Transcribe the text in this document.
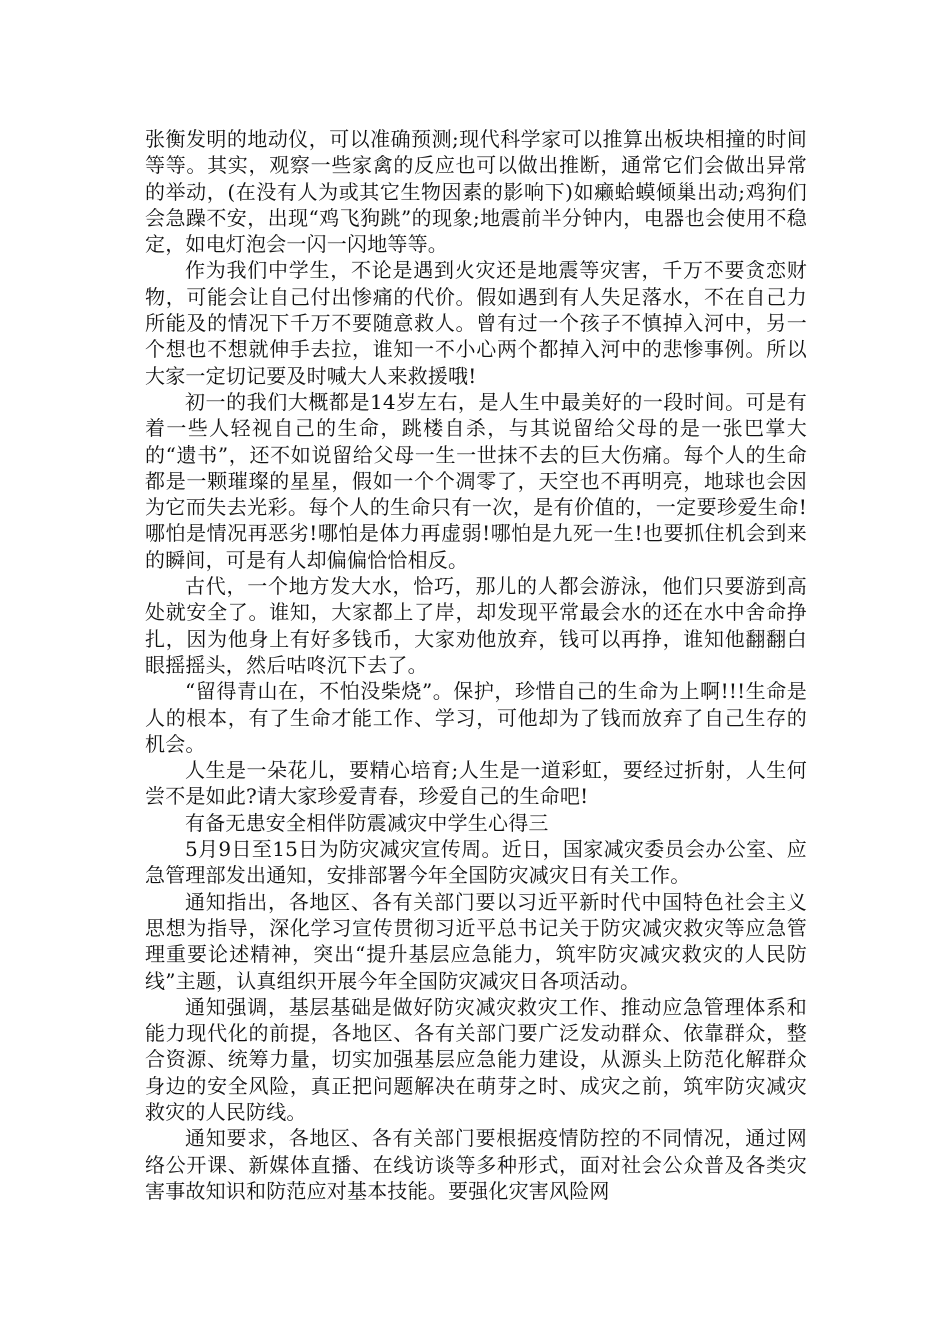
张衡发明的地动仪，可以准确预测;现代科学家可以推算出板块相撞的时间等等。其实，观察一些家禽的反应也可以做出推断，通常它们会做出异常的举动，(在没有人为或其它生物因素的影响下)如癞蛤蟆倾巢出动;鸡狗们会急躁不安，出现“鸡飞狗跳”的现象;地震前半分钟内，电器也会使用不稳定，如电灯泡会一闪一闪地等等。

作为我们中学生，不论是遇到火灾还是地震等灾害，千万不要贪恋财物，可能会让自己付出惨痛的代价。假如遇到有人失足落水，不在自己力所能及的情况下千万不要随意救人。曾有过一个孩子不慎掉入河中，另一个想也不想就伸手去拉，谁知一不小心两个都掉入河中的悲惨事例。所以大家一定切记要及时喊大人来救援哦!

初一的我们大概都是14岁左右，是人生中最美好的一段时间。可是有着一些人轻视自己的生命，跳楼自杀，与其说留给父母的是一张巴掌大的“遗书”，还不如说留给父母一生一世抹不去的巨大伤痛。每个人的生命都是一颗璀璨的星星，假如一个个凋零了，天空也不再明亮，地球也会因为它而失去光彩。每个人的生命只有一次，是有价值的，一定要珍爱生命!哪怕是情况再恶劣!哪怕是体力再虚弱!哪怕是九死一生!也要抓住机会到来的瞬间，可是有人却偏偏恰恰相反。

古代，一个地方发大水，恰巧，那儿的人都会游泳，他们只要游到高处就安全了。谁知，大家都上了岸，却发现平常最会水的还在水中舍命挣扎，因为他身上有好多钱币，大家劝他放弃，钱可以再挣，谁知他翻翻白眼摇摇头，然后咕咚沉下去了。

“留得青山在，不怕没柴烧”。保护，珍惜自己的生命为上啊!!!生命是人的根本，有了生命才能工作、学习，可他却为了钱而放弃了自己生存的机会。

人生是一朵花儿，要精心培育;人生是一道彩虹，要经过折射，人生何尝不是如此?请大家珍爱青春，珍爱自己的生命吧!

有备无患安全相伴防震减灾中学生心得三

5月9日至15日为防灾减灾宣传周。近日，国家减灾委员会办公室、应急管理部发出通知，安排部署今年全国防灾减灾日有关工作。

通知指出，各地区、各有关部门要以习近平新时代中国特色社会主义思想为指导，深化学习宣传贯彻习近平总书记关于防灾减灾救灾等应急管理重要论述精神，突出“提升基层应急能力，筑牢防灾减灾救灾的人民防线”主题，认真组织开展今年全国防灾减灾日各项活动。

通知强调，基层基础是做好防灾减灾救灾工作、推动应急管理体系和能力现代化的前提，各地区、各有关部门要广泛发动群众、依靠群众，整合资源、统筹力量，切实加强基层应急能力建设，从源头上防范化解群众身边的安全风险，真正把问题解决在萌芽之时、成灾之前，筑牢防灾减灾救灾的人民防线。

通知要求，各地区、各有关部门要根据疫情防控的不同情况，通过网络公开课、新媒体直播、在线访谈等多种形式，面对社会公众普及各类灾害事故知识和防范应对基本技能。要强化灾害风险网
